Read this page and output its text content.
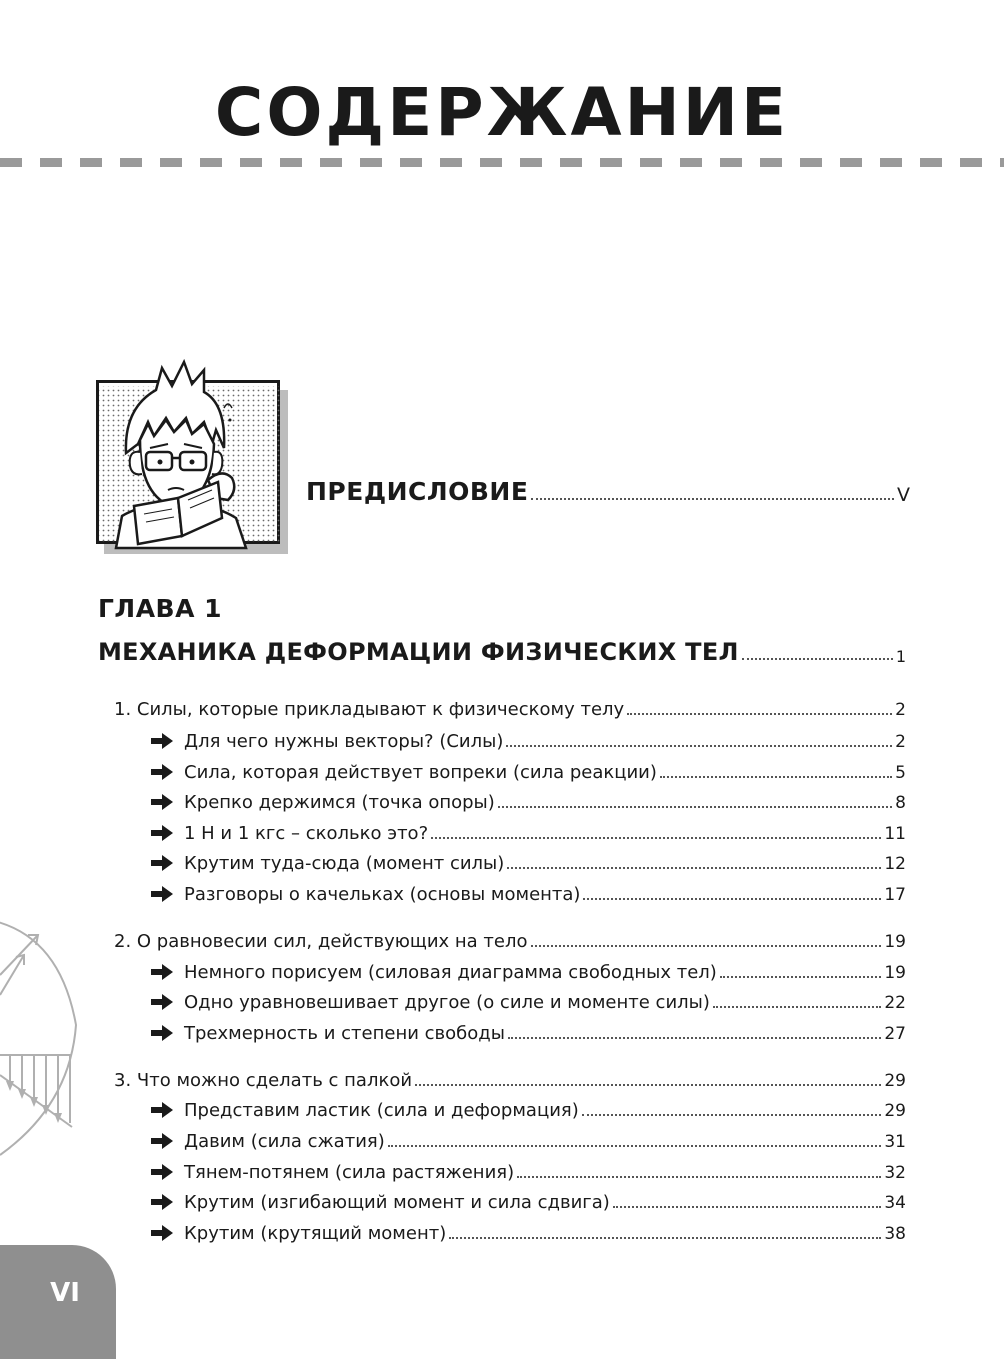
СОДЕРЖАНИЕ
ПРЕДИСЛОВИЕ	V
ГЛАВА 1
МЕХАНИКА ДЕФОРМАЦИИ ФИЗИЧЕСКИХ ТЕЛ	1
1. Силы, которые прикладывают к физическому телу	2
Для чего нужны векторы? (Силы)	2
Сила, которая действует вопреки (сила реакции)	5
Крепко держимся (точка опоры)	8
1 Н и 1 кгс – сколько это?	11
Крутим туда-сюда (момент силы)	12
Разговоры о качельках (основы момента)	17
2. О равновесии сил, действующих на тело	19
Немного порисуем (силовая диаграмма свободных тел)	19
Одно уравновешивает другое (о силе и моменте силы)	22
Трехмерность и степени свободы	27
3. Что можно сделать с палкой	29
Представим ластик (сила и деформация)	29
Давим (сила сжатия)	31
Тянем-потянем (сила растяжения)	32
Крутим (изгибающий момент и сила сдвига)	34
Крутим (крутящий момент)	38
VI
